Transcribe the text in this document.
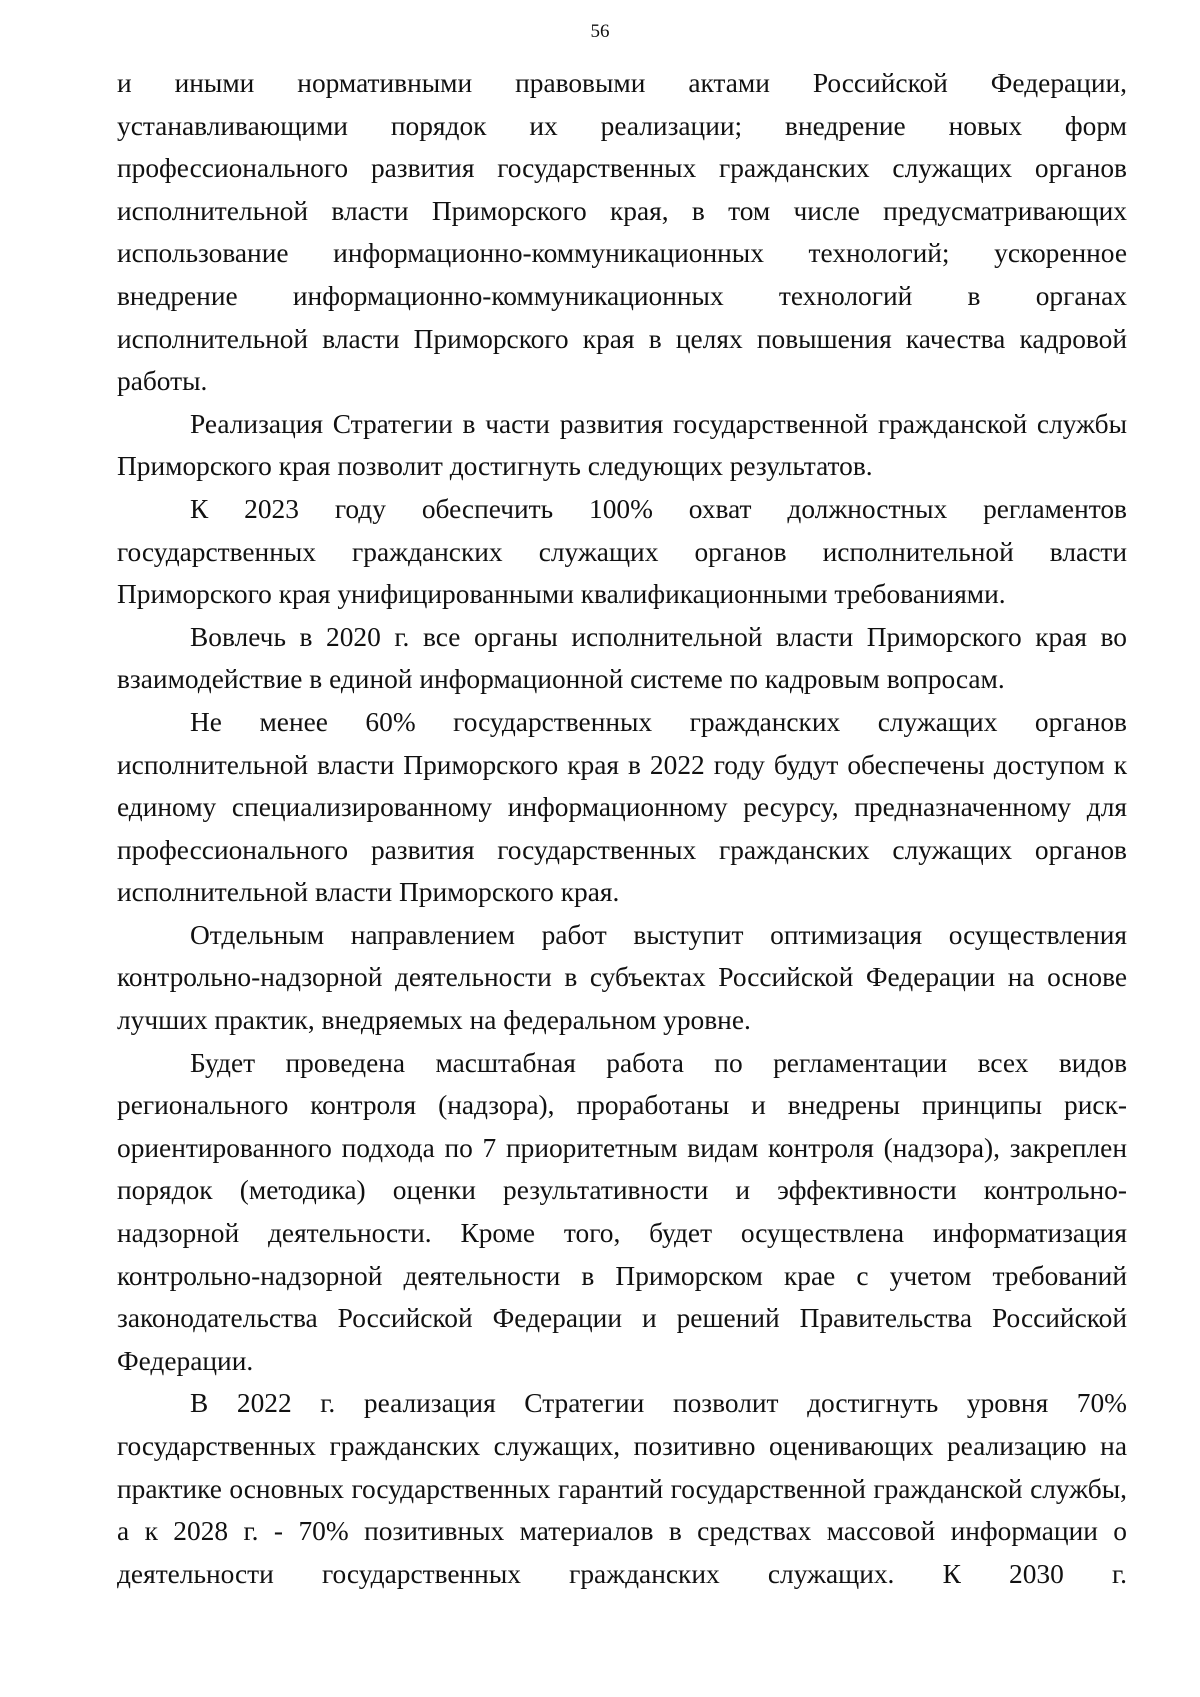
56

и иными нормативными правовыми актами Российской Федерации, устанавливающими порядок их реализации; внедрение новых форм профессионального развития государственных гражданских служащих органов исполнительной власти Приморского края, в том числе предусматривающих использование информационно-коммуникационных технологий; ускоренное внедрение информационно-коммуникационных технологий в органах исполнительной власти Приморского края в целях повышения качества кадровой работы.

Реализация Стратегии в части развития государственной гражданской службы Приморского края позволит достигнуть следующих результатов.

К 2023 году обеспечить 100% охват должностных регламентов государственных гражданских служащих органов исполнительной власти Приморского края унифицированными квалификационными требованиями.

Вовлечь в 2020 г. все органы исполнительной власти Приморского края во взаимодействие в единой информационной системе по кадровым вопросам.

Не менее 60% государственных гражданских служащих органов исполнительной власти Приморского края в 2022 году будут обеспечены доступом к единому специализированному информационному ресурсу, предназначенному для профессионального развития государственных гражданских служащих органов исполнительной власти Приморского края.

Отдельным направлением работ выступит оптимизация осуществления контрольно-надзорной деятельности в субъектах Российской Федерации на основе лучших практик, внедряемых на федеральном уровне.

Будет проведена масштабная работа по регламентации всех видов регионального контроля (надзора), проработаны и внедрены принципы риск-ориентированного подхода по 7 приоритетным видам контроля (надзора), закреплен порядок (методика) оценки результативности и эффективности контрольно-надзорной деятельности. Кроме того, будет осуществлена информатизация контрольно-надзорной деятельности в Приморском крае с учетом требований законодательства Российской Федерации и решений Правительства Российской Федерации.

В 2022 г. реализация Стратегии позволит достигнуть уровня 70% государственных гражданских служащих, позитивно оценивающих реализацию на практике основных государственных гарантий государственной гражданской службы, а к 2028 г. - 70% позитивных материалов в средствах массовой информации о деятельности государственных гражданских служащих. К 2030 г.
